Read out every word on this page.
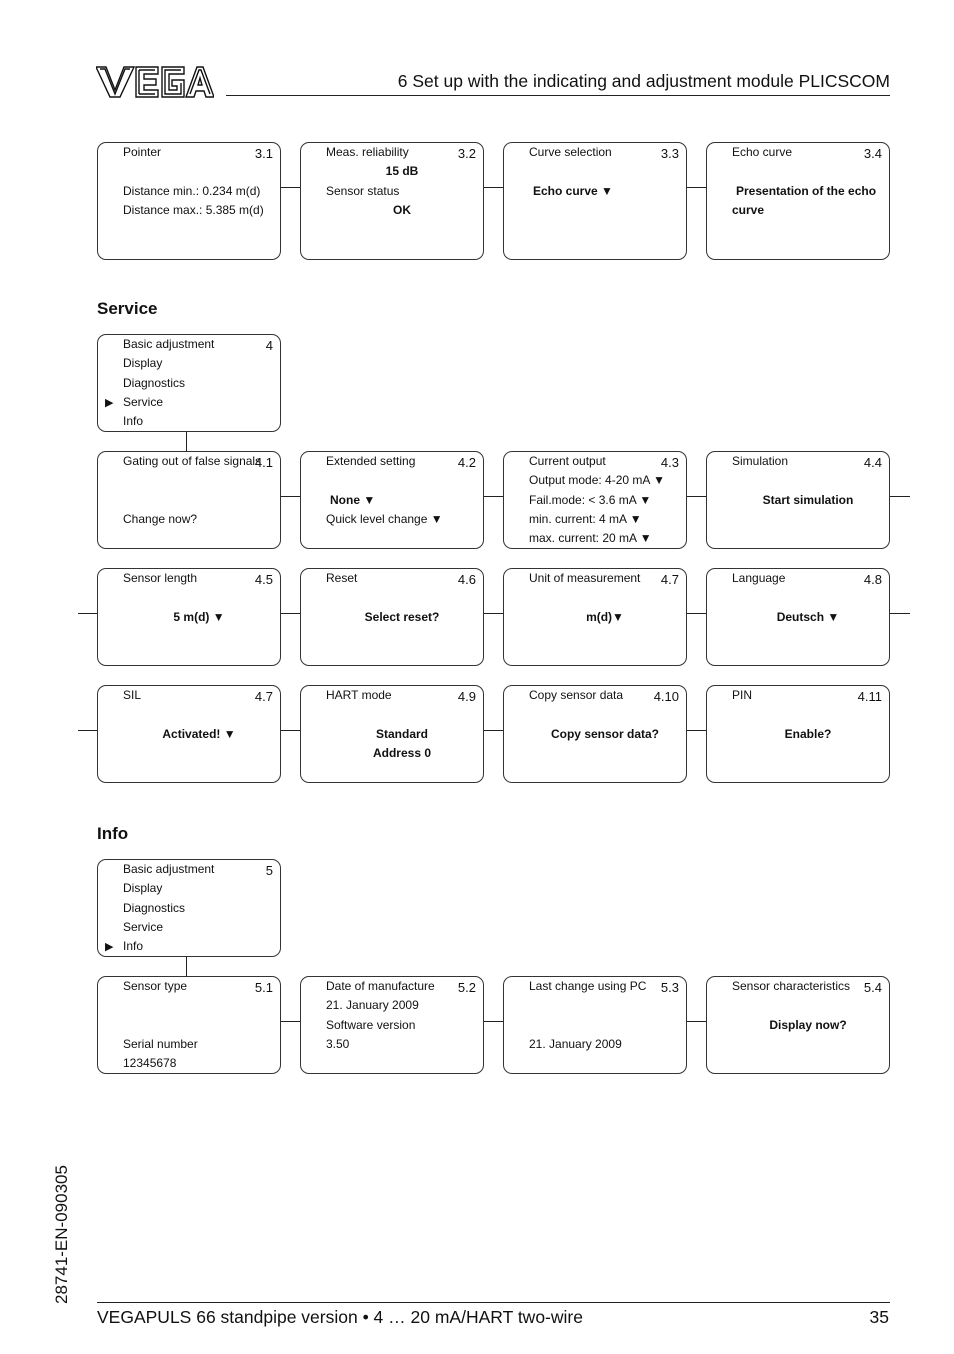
6 Set up with the indicating and adjustment module PLICSCOM
3.1
Pointer
Distance min.: 0.234 m(d)
Distance max.: 5.385 m(d)
3.2
Meas. reliability
15 dB
Sensor status
OK
3.3
Curve selection
Echo curve ▼
3.4
Echo curve
Presentation of the echo
curve
Service
4
Basic adjustment
Display
Diagnostics
Service
▶
Info
4.1
Gating out of false signals
Change now?
4.2
Extended setting
None ▼
Quick level change ▼
4.3
Current output
Output mode: 4-20 mA ▼
Fail.mode: < 3.6 mA ▼
min. current: 4 mA ▼
max. current: 20 mA ▼
4.4
Simulation
Start simulation
4.5
Sensor length
5 m(d) ▼
4.6
Reset
Select reset?
4.7
Unit of measurement
m(d)▼
4.8
Language
Deutsch ▼
4.7
SIL
Activated! ▼
4.9
HART mode
Standard
Address 0
4.10
Copy sensor data
Copy sensor data?
4.11
PIN
Enable?
Info
5
Basic adjustment
Display
Diagnostics
Service
Info
▶
5.1
Sensor type
Serial number
12345678
5.2
Date of manufacture
21. January 2009
Software version
3.50
5.3
Last change using PC
21. January 2009
5.4
Sensor characteristics
Display now?
28741-EN-090305
VEGAPULS 66 standpipe version • 4 … 20 mA/HART two-wire	35
